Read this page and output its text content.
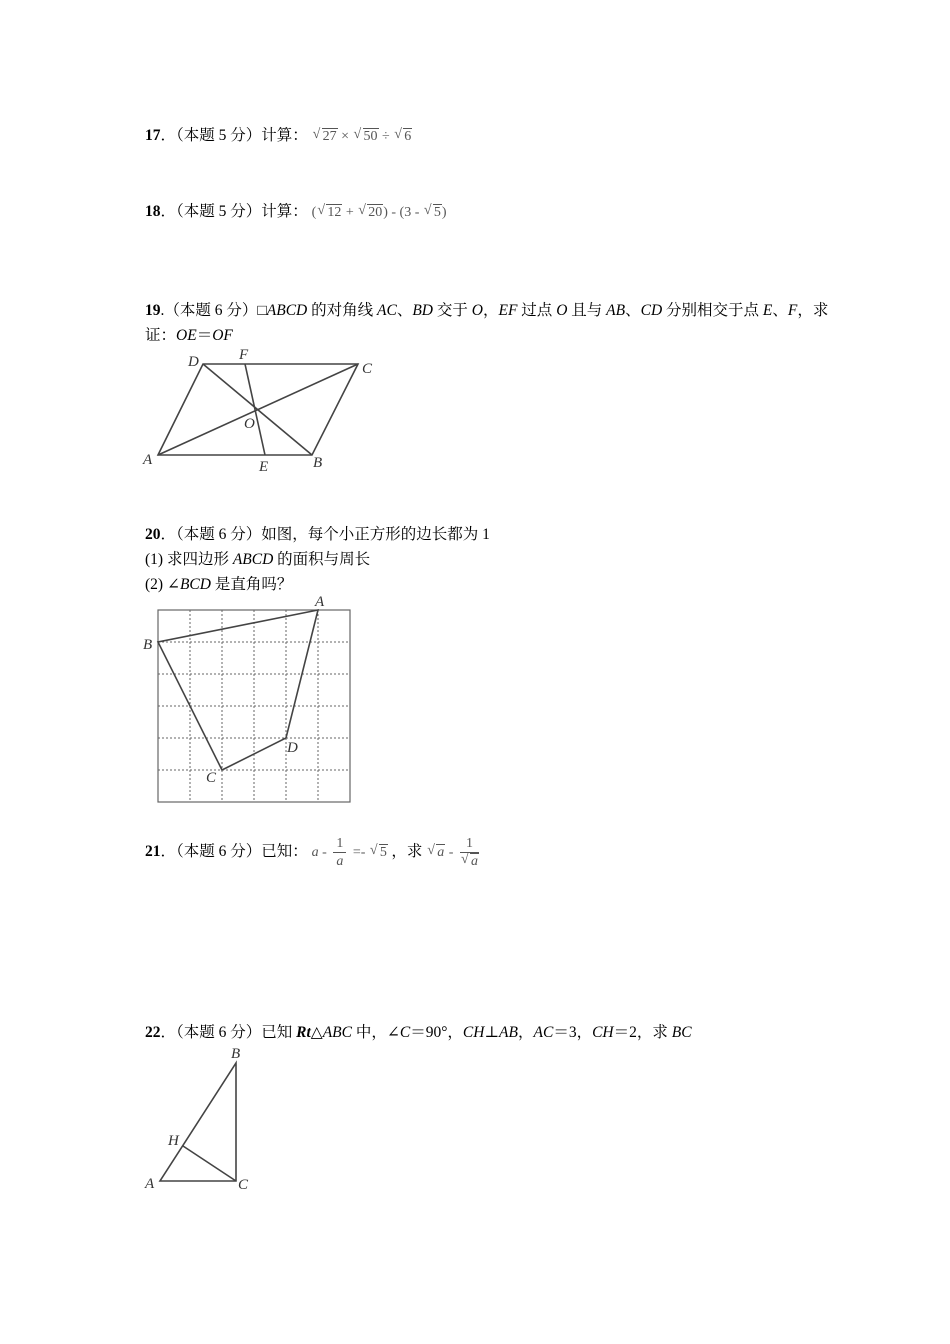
17．（本题 5 分）计算： √ 27 × √ 50 ÷ √ 6
18．（本题 5 分）计算： ( √ 12 + √ 20) - (3 - √ 5)
19.（本题 6 分）□ABCD 的对角线 AC、BD 交于 O，EF 过点 O 且与 AB、CD 分别相交于点 E、F，求
证：OE＝OF
A	B
C
D
E
F
O
20．（本题 6 分）如图，每个小正方形的边长都为 1
(1) 求四边形 ABCD 的面积与周长
(2) ∠BCD 是直角吗？
A
B
C
D
21．（本题 6 分）已知： a - $\frac{1}{a}$ =- √ 5 ，求 √ a - $\frac{1}{√ a}$
22．（本题 6 分）已知 Rt△ABC 中，∠C＝90°，CH⊥AB，AC＝3，CH＝2，求 BC
A
B
C
H
